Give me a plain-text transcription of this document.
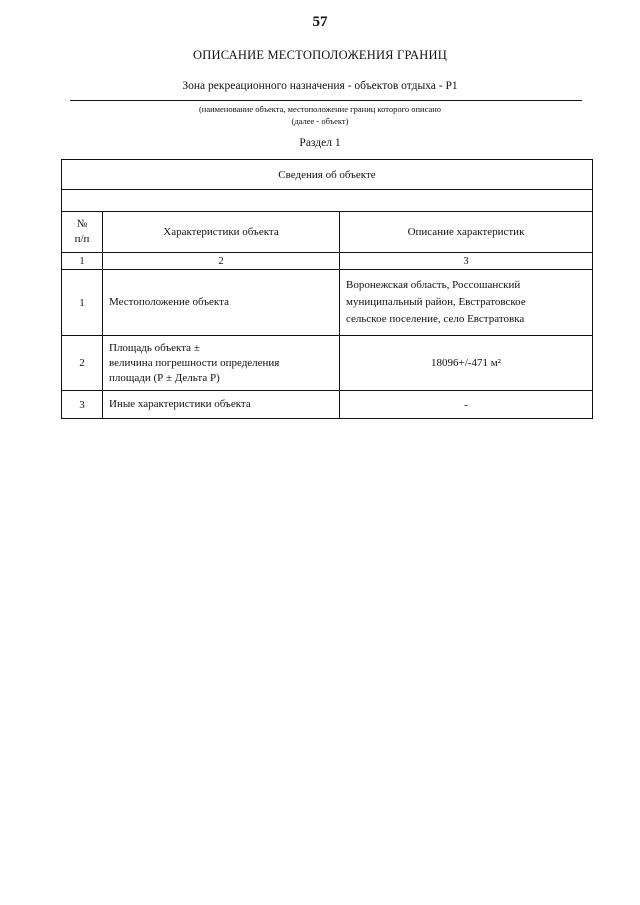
57
ОПИСАНИЕ МЕСТОПОЛОЖЕНИЯ ГРАНИЦ
Зона рекреационного назначения - объектов отдыха - Р1
(наименование объекта, местоположение границ которого описано
(далее - объект)
Раздел 1
Сведения об объекте		

№
п/п	Характеристики объекта	Описание характеристик
1	2	3
1	Местоположение объекта	Воронежская область, Россошанский
муниципальный район, Евстратовское
сельское поселение, село Евстратовка

2	Площадь объекта ±
величина погрешности определения
площади (Р ± Дельта Р)	18096+/-471 м²
3	Иные характеристики объекта	-
